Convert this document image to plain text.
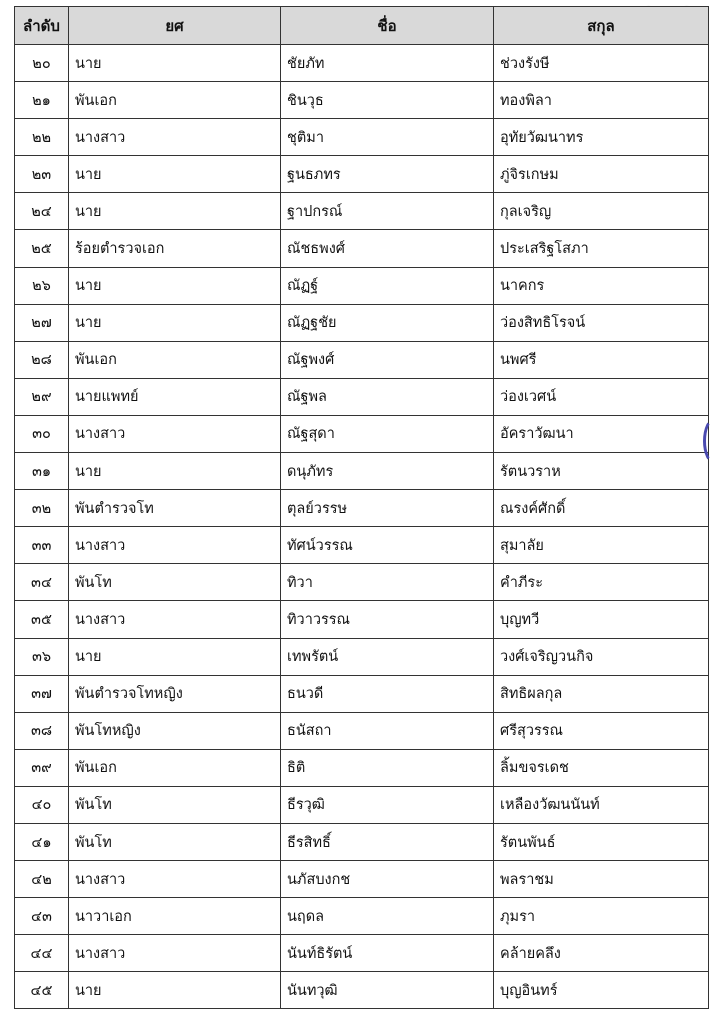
ลำดับ	ยศ	ชื่อ	สกุล
๒๐	นาย	ชัยภัท	ช่วงรังษี
๒๑	พันเอก	ชินวุธ	ทองพิลา
๒๒	นางสาว	ชุติมา	อุทัยวัฒนาทร
๒๓	นาย	ฐนธภทร	ภู่จิรเกษม
๒๔	นาย	ฐาปกรณ์	กุลเจริญ
๒๕	ร้อยตำรวจเอก	ณัชธพงศ์	ประเสริฐโสภา
๒๖	นาย	ณัฏฐ์	นาคกร
๒๗	นาย	ณัฏฐชัย	ว่องสิทธิโรจน์
๒๘	พันเอก	ณัฐพงศ์	นพศรี
๒๙	นายแพทย์	ณัฐพล	ว่องเวศน์
๓๐	นางสาว	ณัฐสุดา	อัคราวัฒนา
๓๑	นาย	ดนุภัทร	รัตนวราห
๓๒	พันตำรวจโท	ตุลย์วรรษ	ณรงค์ศักดิ์
๓๓	นางสาว	ทัศน์วรรณ	สุมาลัย
๓๔	พันโท	ทิวา	คำภีระ
๓๕	นางสาว	ทิวาวรรณ	บุญทวี
๓๖	นาย	เทพรัตน์	วงศ์เจริญวนกิจ
๓๗	พันตำรวจโทหญิง	ธนวดี	สิทธิผลกุล
๓๘	พันโทหญิง	ธนัสถา	ศรีสุวรรณ
๓๙	พันเอก	ธิติ	ลิ้มขจรเดช
๔๐	พันโท	ธีรวุฒิ	เหลืองวัฒนนันท์
๔๑	พันโท	ธีรสิทธิ์	รัตนพันธ์
๔๒	นางสาว	นภัสบงกช	พลราชม
๔๓	นาวาเอก	นฤดล	ภุมรา
๔๔	นางสาว	นันท์ธิรัตน์	คล้ายคลึง
๔๕	นาย	นันทวุฒิ	บุญอินทร์
